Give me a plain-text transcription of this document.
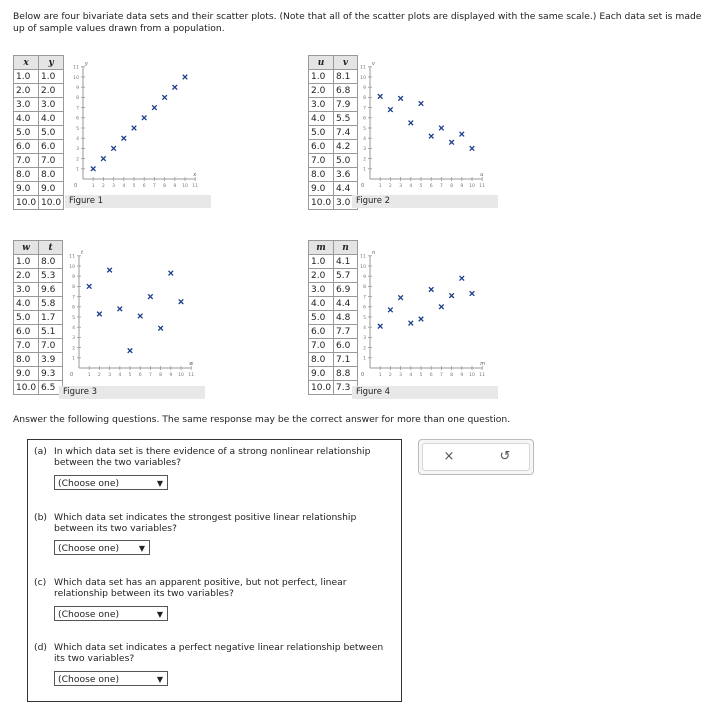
Below are four bivariate data sets and their scatter plots. (Note that all of the scatter plots are displayed with the same scale.) Each data set is made up of sample values drawn from a population.
x	y
1.0	1.0
2.0	2.0
3.0	3.0
4.0	4.0
5.0	5.0
6.0	6.0
7.0	7.0
8.0	8.0
9.0	9.0
10.0	10.0 Figure 1
y
x
0
1
1
2
2
3
3
4
4
5
5
6
6
7
7
8
8
9
9
10
10
11
11
u	v
1.0	8.1
2.0	6.8
3.0	7.9
4.0	5.5
5.0	7.4
6.0	4.2
7.0	5.0
8.0	3.6
9.0	4.4
10.0	3.0 Figure 2
v
u
0
1
1
2
2
3
3
4
4
5
5
6
6
7
7
8
8
9
9
10
10
11
11
w	t
1.0	8.0
2.0	5.3
3.0	9.6
4.0	5.8
5.0	1.7
6.0	5.1
7.0	7.0
8.0	3.9
9.0	9.3
10.0	6.5 Figure 3
t
w
0
1
1
2
2
3
3
4
4
5
5
6
6
7
7
8
8
9
9
10
10
11
11
m	n
1.0	4.1
2.0	5.7
3.0	6.9
4.0	4.4
5.0	4.8
6.0	7.7
7.0	6.0
8.0	7.1
9.0	8.8
10.0	7.3 Figure 4
n
m
0
1
1
2
2
3
3
4
4
5
5
6
6
7
7
8
8
9
9
10
10
11
11
Answer the following questions. The same response may be the correct answer for more than one question.
(a) In which data set is there evidence of a strong nonlinear relationship between the two variables?
(Choose one)	▼
(b) Which data set indicates the strongest positive linear relationship between its two variables?
(Choose one) ▼
(c) Which data set has an apparent positive, but not perfect, linear relationship between its two variables?
(Choose one)	▼
(d) Which data set indicates a perfect negative linear relationship between its two variables?
(Choose one)	▼
×	↺
